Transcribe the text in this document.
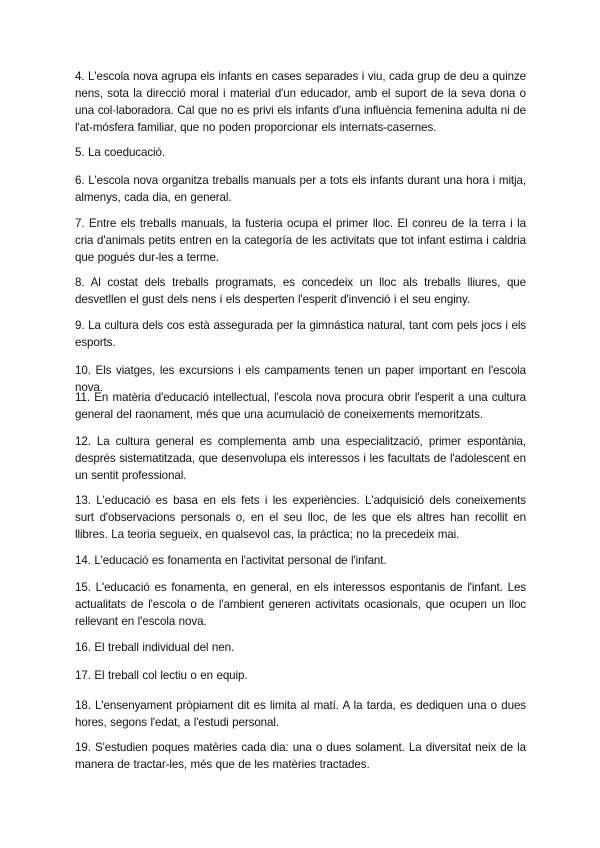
4. L'escola nova agrupa els infants en cases separades i viu, cada grup de deu a quinze nens, sota la direcció moral i material d'un educador, amb el suport de la seva dona o una col·laboradora. Cal que no es privi els infants d'una influència femenina adulta ni de l'at-mósfera familiar, que no poden proporcionar els internats-casernes.

5. La coeducació.

6. L'escola nova organitza treballs manuals per a tots els infants durant una hora i mitja, almenys, cada dia, en general.

7. Entre els treballs manuals, la fusteria ocupa el primer lloc. El conreu de la terra i la cria d'animals petits entren en la categoría de les activitats que tot infant estima i caldria que pogués dur-les a terme.

8. Al costat dels treballs programats, es concedeix un lloc als treballs lliures, que desvetllen el gust dels nens i els desperten l'esperit d'invenció i el seu enginy.

9. La cultura dels cos està assegurada per la gimnástica natural, tant com pels jocs i els esports.

10. Els viatges, les excursions i els campaments tenen un paper important en l'escola nova.

11. En matèria d'educació intellectual, l'escola nova procura obrir l'esperit a una cultura general del raonament, més que una acumulació de coneixements memoritzats.

12. La cultura general es complementa amb una especialització, primer espontània, després sistematitzada, que desenvolupa els interessos i les facultats de l'adolescent en un sentit professional.

13. L'educació es basa en els fets i les experiències. L'adquisició dels coneixements surt d'observacions personals o, en el seu lloc, de les que els altres han recollit en llibres. La teoria segueix, en qualsevol cas, la práctica; no la precedeix mai.

14. L'educació es fonamenta en l'activitat personal de l'infant.

15. L'educació es fonamenta, en general, en els interessos espontanis de l'infant. Les actualitats de l'escola o de l'ambient generen activitats ocasionals, que ocupen un lloc rellevant en l'escola nova.

16. El treball individual del nen.

17. El treball col lectiu o en equip.

18. L'ensenyament pròpiament dit es limita al matí. A la tarda, es dediquen una o dues hores, segons l'edat, a l'estudi personal.

19. S'estudien poques matèries cada dia: una o dues solament. La diversitat neix de la manera de tractar-les, més que de les matèries tractades.
